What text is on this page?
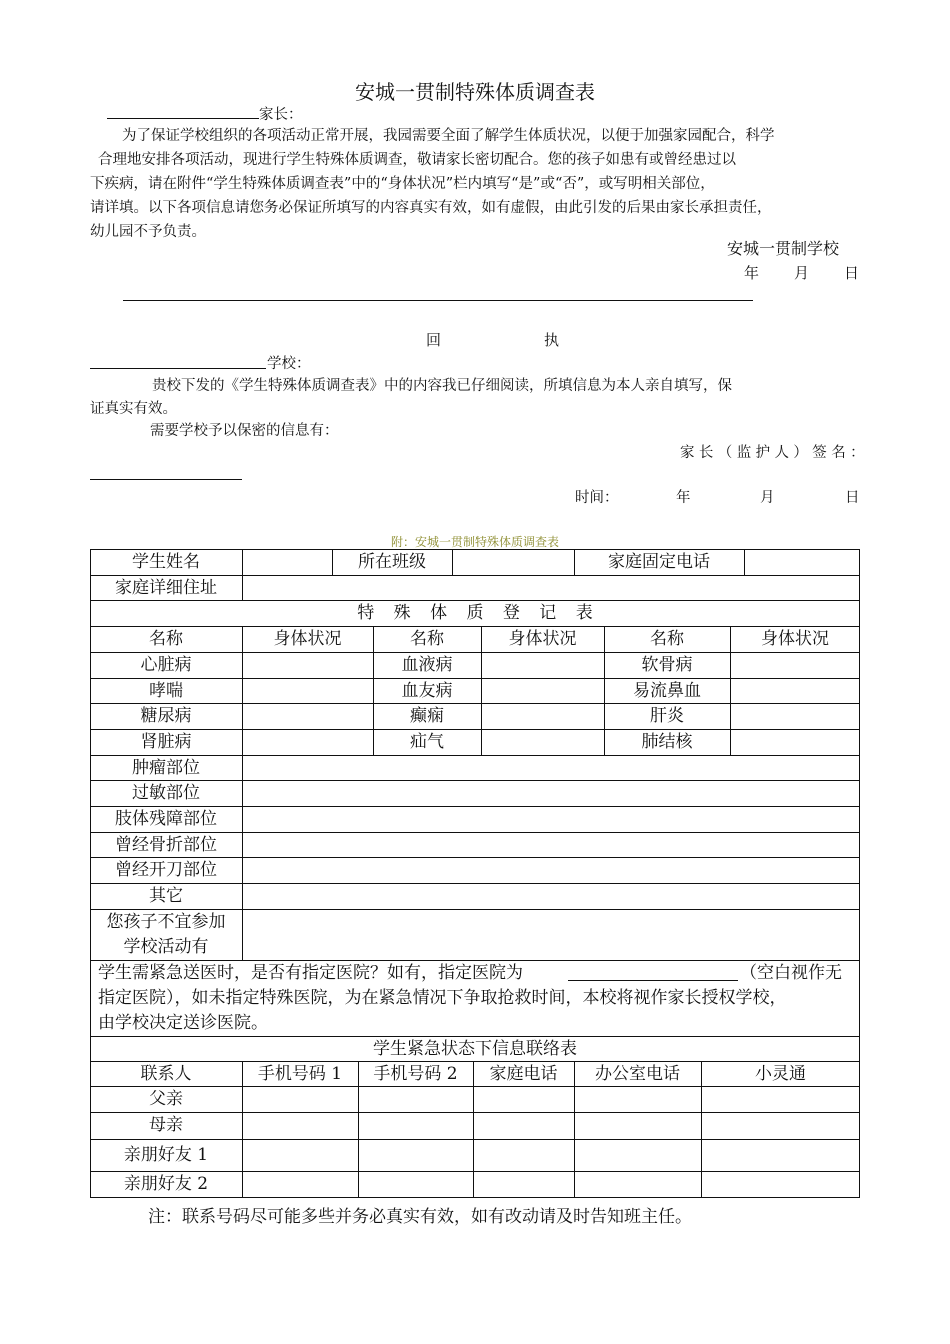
安城一贯制特殊体质调查表
家长：
为了保证学校组织的各项活动正常开展，我园需要全面了解学生体质状况，以便于加强家园配合，科学
合理地安排各项活动，现进行学生特殊体质调查，敬请家长密切配合。您的孩子如患有或曾经患过以
下疾病，请在附件“学生特殊体质调查表”中的“身体状况”栏内填写“是”或“否”，或写明相关部位，
请详填。以下各项信息请您务必保证所填写的内容真实有效，如有虚假，由此引发的后果由家长承担责任，
幼儿园不予负责。
安城一贯制学校
年 月 日
回	执
学校：
贵校下发的《学生特殊体质调查表》中的内容我已仔细阅读，所填信息为本人亲自填写，保
证真实有效。
需要学校予以保密的信息有：
家长（监护人）签名：
时间：	年	月	日
附：安城一贯制特殊体质调查表
学生姓名	所在班级	家庭固定电话
家庭详细住址
特 殊 体 质 登 记 表
名称	身体状况	名称	身体状况	名称	身体状况
心脏病	血液病	软骨病
哮喘	血友病	易流鼻血
糖尿病	癫痫	肝炎
肾脏病	疝气	肺结核
肿瘤部位
过敏部位
肢体残障部位
曾经骨折部位
曾经开刀部位
其它
您孩子不宜参加
学校活动有
学生需紧急送医时，是否有指定医院？如有，指定医院为	（空白视作无
指定医院），如未指定特殊医院，为在紧急情况下争取抢救时间，本校将视作家长授权学校，
由学校决定送诊医院。
学生紧急状态下信息联络表
联系人	手机号码 1	手机号码 2	家庭电话	办公室电话	小灵通
父亲
母亲
亲朋好友 1
亲朋好友 2
注：联系号码尽可能多些并务必真实有效，如有改动请及时告知班主任。
